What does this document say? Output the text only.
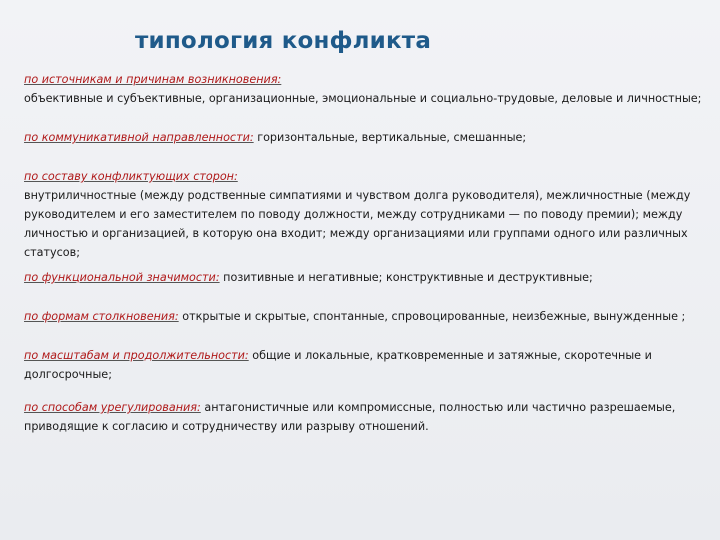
типология конфликта
по источникам и причинам возникновения:
объективные и субъективные, организационные, эмоциональные и социально-трудовые, деловые и личностные;
по коммуникативной направленности: горизонтальные, вертикальные, смешанные;
по составу конфликтующих сторон:
внутриличностные (между родственные симпатиями и чувством долга руководителя), межличностные (между руководителем и его заместителем по поводу должности, между сотрудниками — по поводу премии); между личностью и организацией, в которую она входит; между организациями или группами одного или различных статусов;
по функциональной значимости: позитивные и негативные; конструктивные и деструктивные;
по формам столкновения: открытые и скрытые, спонтанные, спровоцированные, неизбежные, вынужденные ;
по масштабам и продолжительности: общие и локальные, кратковременные и затяжные, скоротечные и долгосрочные;
по способам урегулирования: антагонистичные или компромиссные, полностью или частично разрешаемые, приводящие к согласию и сотрудничеству или разрыву отношений.
